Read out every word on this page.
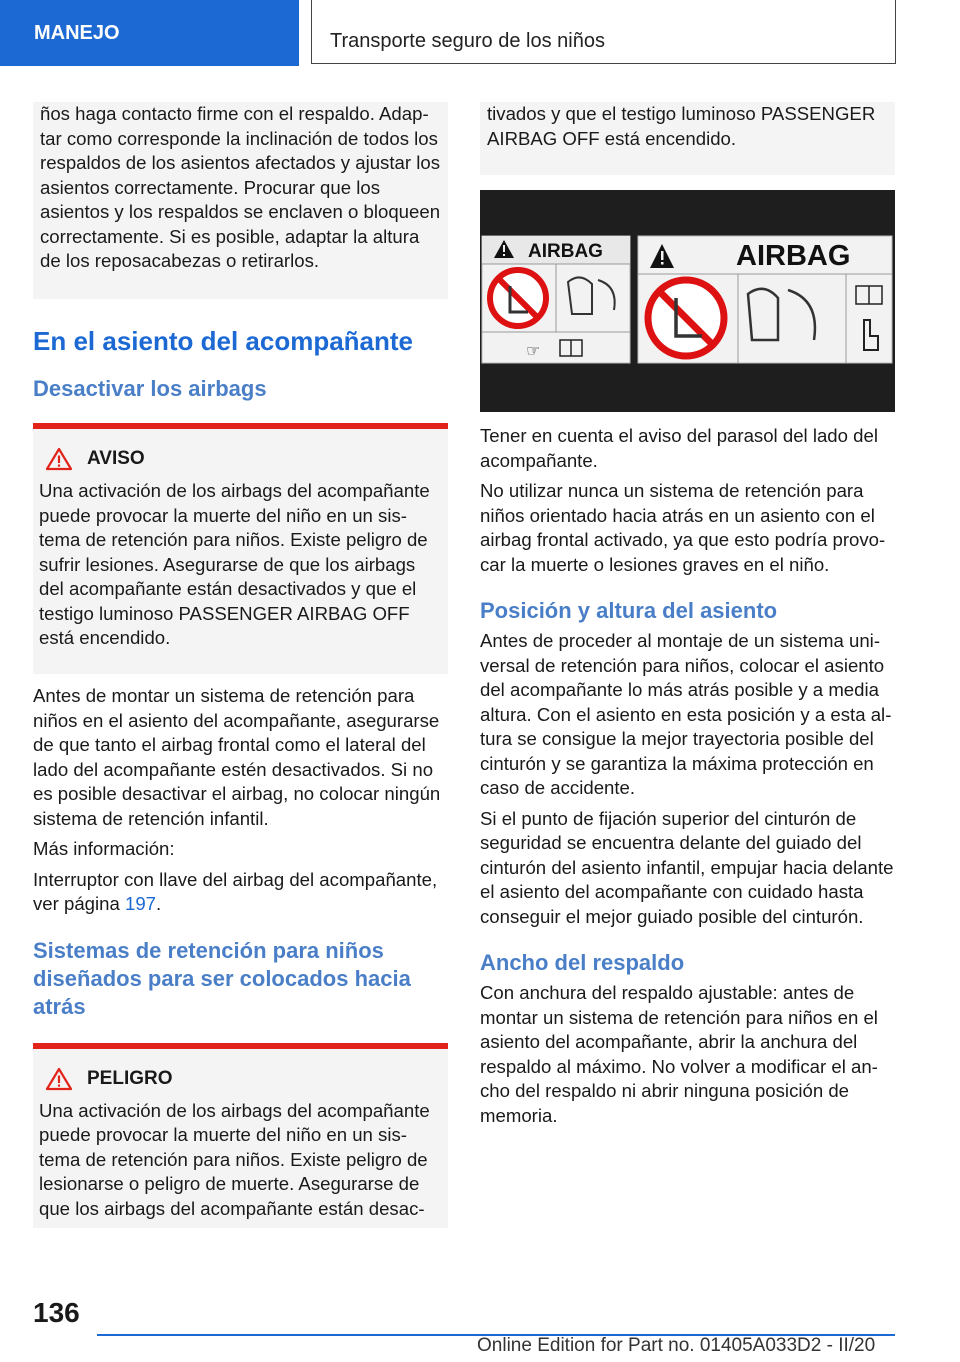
MANEJO	Transporte seguro de los niños

ños haga contacto firme con el respaldo. Adaptar como corresponde la inclinación de todos los respaldos de los asientos afectados y ajustar los asientos correctamente. Procurar que los asientos y los respaldos se enclaven o bloqueen correctamente. Si es posible, adaptar la altura de los reposacabezas o retirarlos.

En el asiento del acompañante
Desactivar los airbags
AVISO

Una activación de los airbags del acompañante puede provocar la muerte del niño en un sistema de retención para niños. Existe peligro de sufrir lesiones. Asegurarse de que los airbags del acompañante están desactivados y que el testigo luminoso PASSENGER AIRBAG OFF está encendido.

Antes de montar un sistema de retención para niños en el asiento del acompañante, asegurarse de que tanto el airbag frontal como el lateral del lado del acompañante estén desactivados. Si no es posible desactivar el airbag, no colocar ningún sistema de retención infantil.

Más información:

Interruptor con llave del airbag del acompañante, ver página 197.

Sistemas de retención para niños diseñados para ser colocados hacia atrás
PELIGRO

Una activación de los airbags del acompañante puede provocar la muerte del niño en un sistema de retención para niños. Existe peligro de lesionarse o peligro de muerte. Asegurarse de que los airbags del acompañante están desac-

tivados y que el testigo luminoso PASSENGER AIRBAG OFF está encendido.

AIRBAG
☞
AIRBAG

Tener en cuenta el aviso del parasol del lado del acompañante.

No utilizar nunca un sistema de retención para niños orientado hacia atrás en un asiento con el airbag frontal activado, ya que esto podría provocar la muerte o lesiones graves en el niño.

Posición y altura del asiento

Antes de proceder al montaje de un sistema universal de retención para niños, colocar el asiento del acompañante lo más atrás posible y a media altura. Con el asiento en esta posición y a esta altura se consigue la mejor trayectoria posible del cinturón y se garantiza la máxima protección en caso de accidente.

Si el punto de fijación superior del cinturón de seguridad se encuentra delante del guiado del cinturón del asiento infantil, empujar hacia delante el asiento del acompañante con cuidado hasta conseguir el mejor guiado posible del cinturón.

Ancho del respaldo

Con anchura del respaldo ajustable: antes de montar un sistema de retención para niños en el asiento del acompañante, abrir la anchura del respaldo al máximo. No volver a modificar el ancho del respaldo ni abrir ninguna posición de memoria.

136
Online Edition for Part no. 01405A033D2 - II/20
